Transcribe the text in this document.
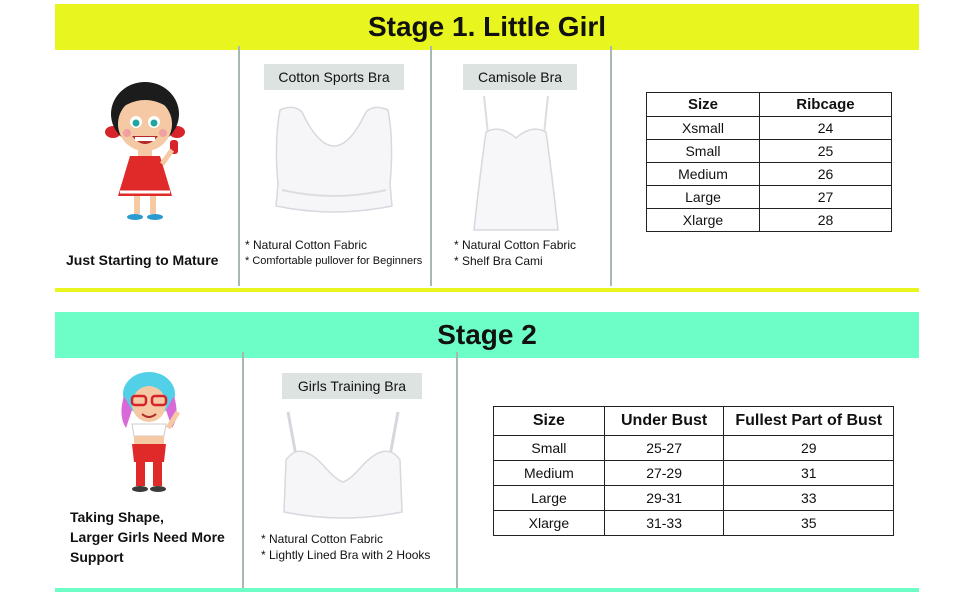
Stage 1. Little Girl
Just Starting to Mature
Cotton Sports Bra
* Natural Cotton Fabric
* Comfortable pullover for Beginners
Camisole Bra
* Natural Cotton Fabric
* Shelf Bra Cami
Size	Ribcage
Xsmall	24
Small	25
Medium	26
Large	27
Xlarge	28
Stage 2
Taking Shape,
Larger Girls Need More
Support
Girls Training Bra
* Natural Cotton Fabric
* Lightly Lined Bra with 2 Hooks
Size	Under Bust	Fullest Part of Bust
Small	25-27	29
Medium	27-29	31
Large	29-31	33
Xlarge	31-33	35
